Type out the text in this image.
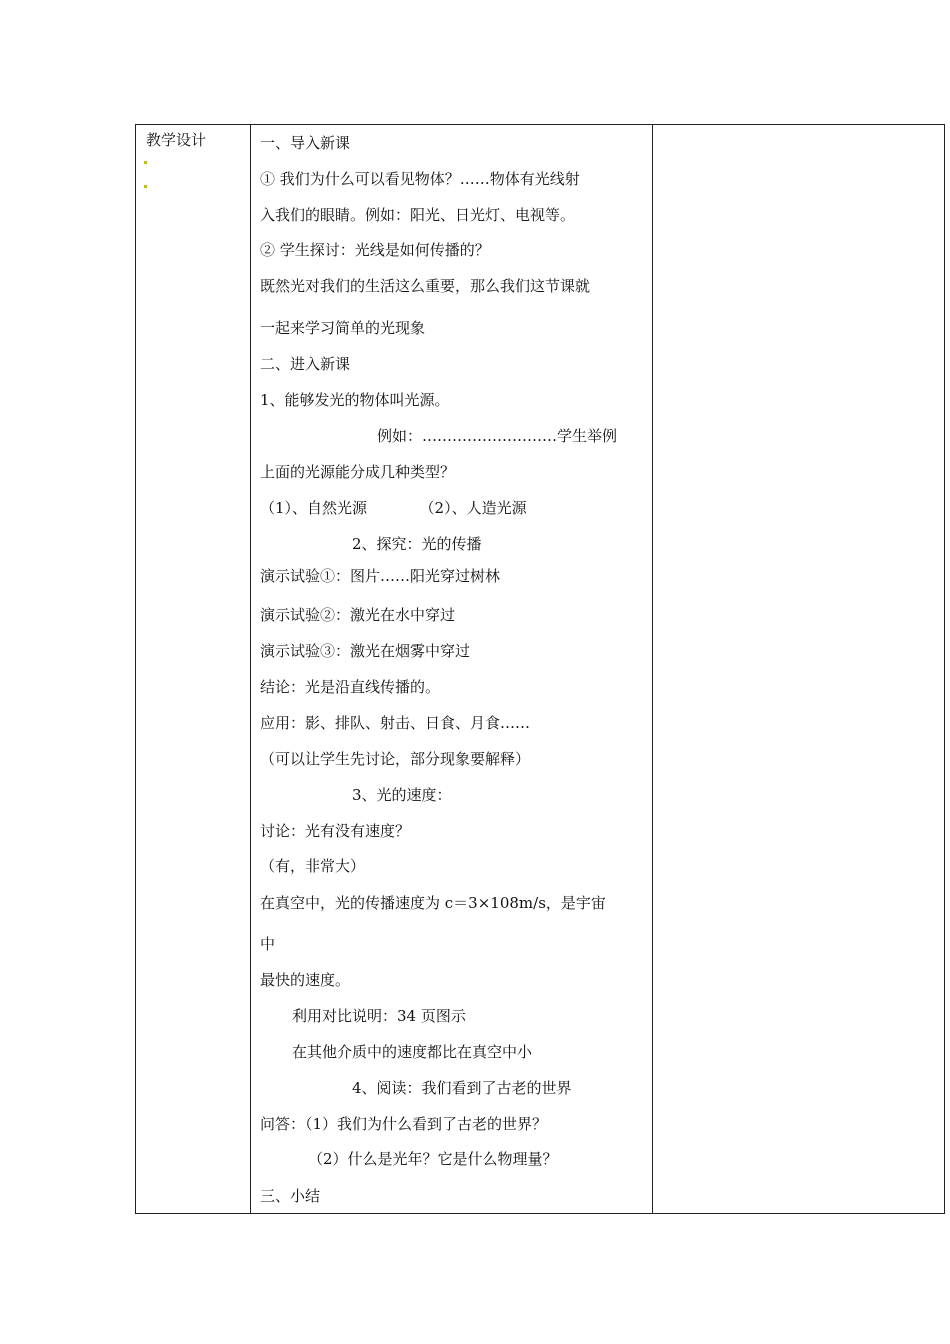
教学设计	一、导入新课
① 我们为什么可以看见物体？……物体有光线射
入我们的眼睛。例如：阳光、日光灯、电视等。
② 学生探讨：光线是如何传播的？
既然光对我们的生活这么重要，那么我们这节课就
一起来学习简单的光现象
二、进入新课
1、能够发光的物体叫光源。
例如：………………………学生举例
上面的光源能分成几种类型？
（1）、自然光源　　　　（2）、人造光源
2、探究：光的传播
演示试验①：图片……阳光穿过树林
演示试验②：激光在水中穿过
演示试验③：激光在烟雾中穿过
结论：光是沿直线传播的。
应用：影、排队、射击、日食、月食……
（可以让学生先讨论，部分现象要解释）
3、光的速度：
讨论：光有没有速度？
（有，非常大）
在真空中，光的传播速度为 c＝3×108m/s，是宇宙
中
最快的速度。
利用对比说明：34 页图示
在其他介质中的速度都比在真空中小
4、阅读：我们看到了古老的世界
问答：（1）我们为什么看到了古老的世界？
（2）什么是光年？它是什么物理量？
三、小结
